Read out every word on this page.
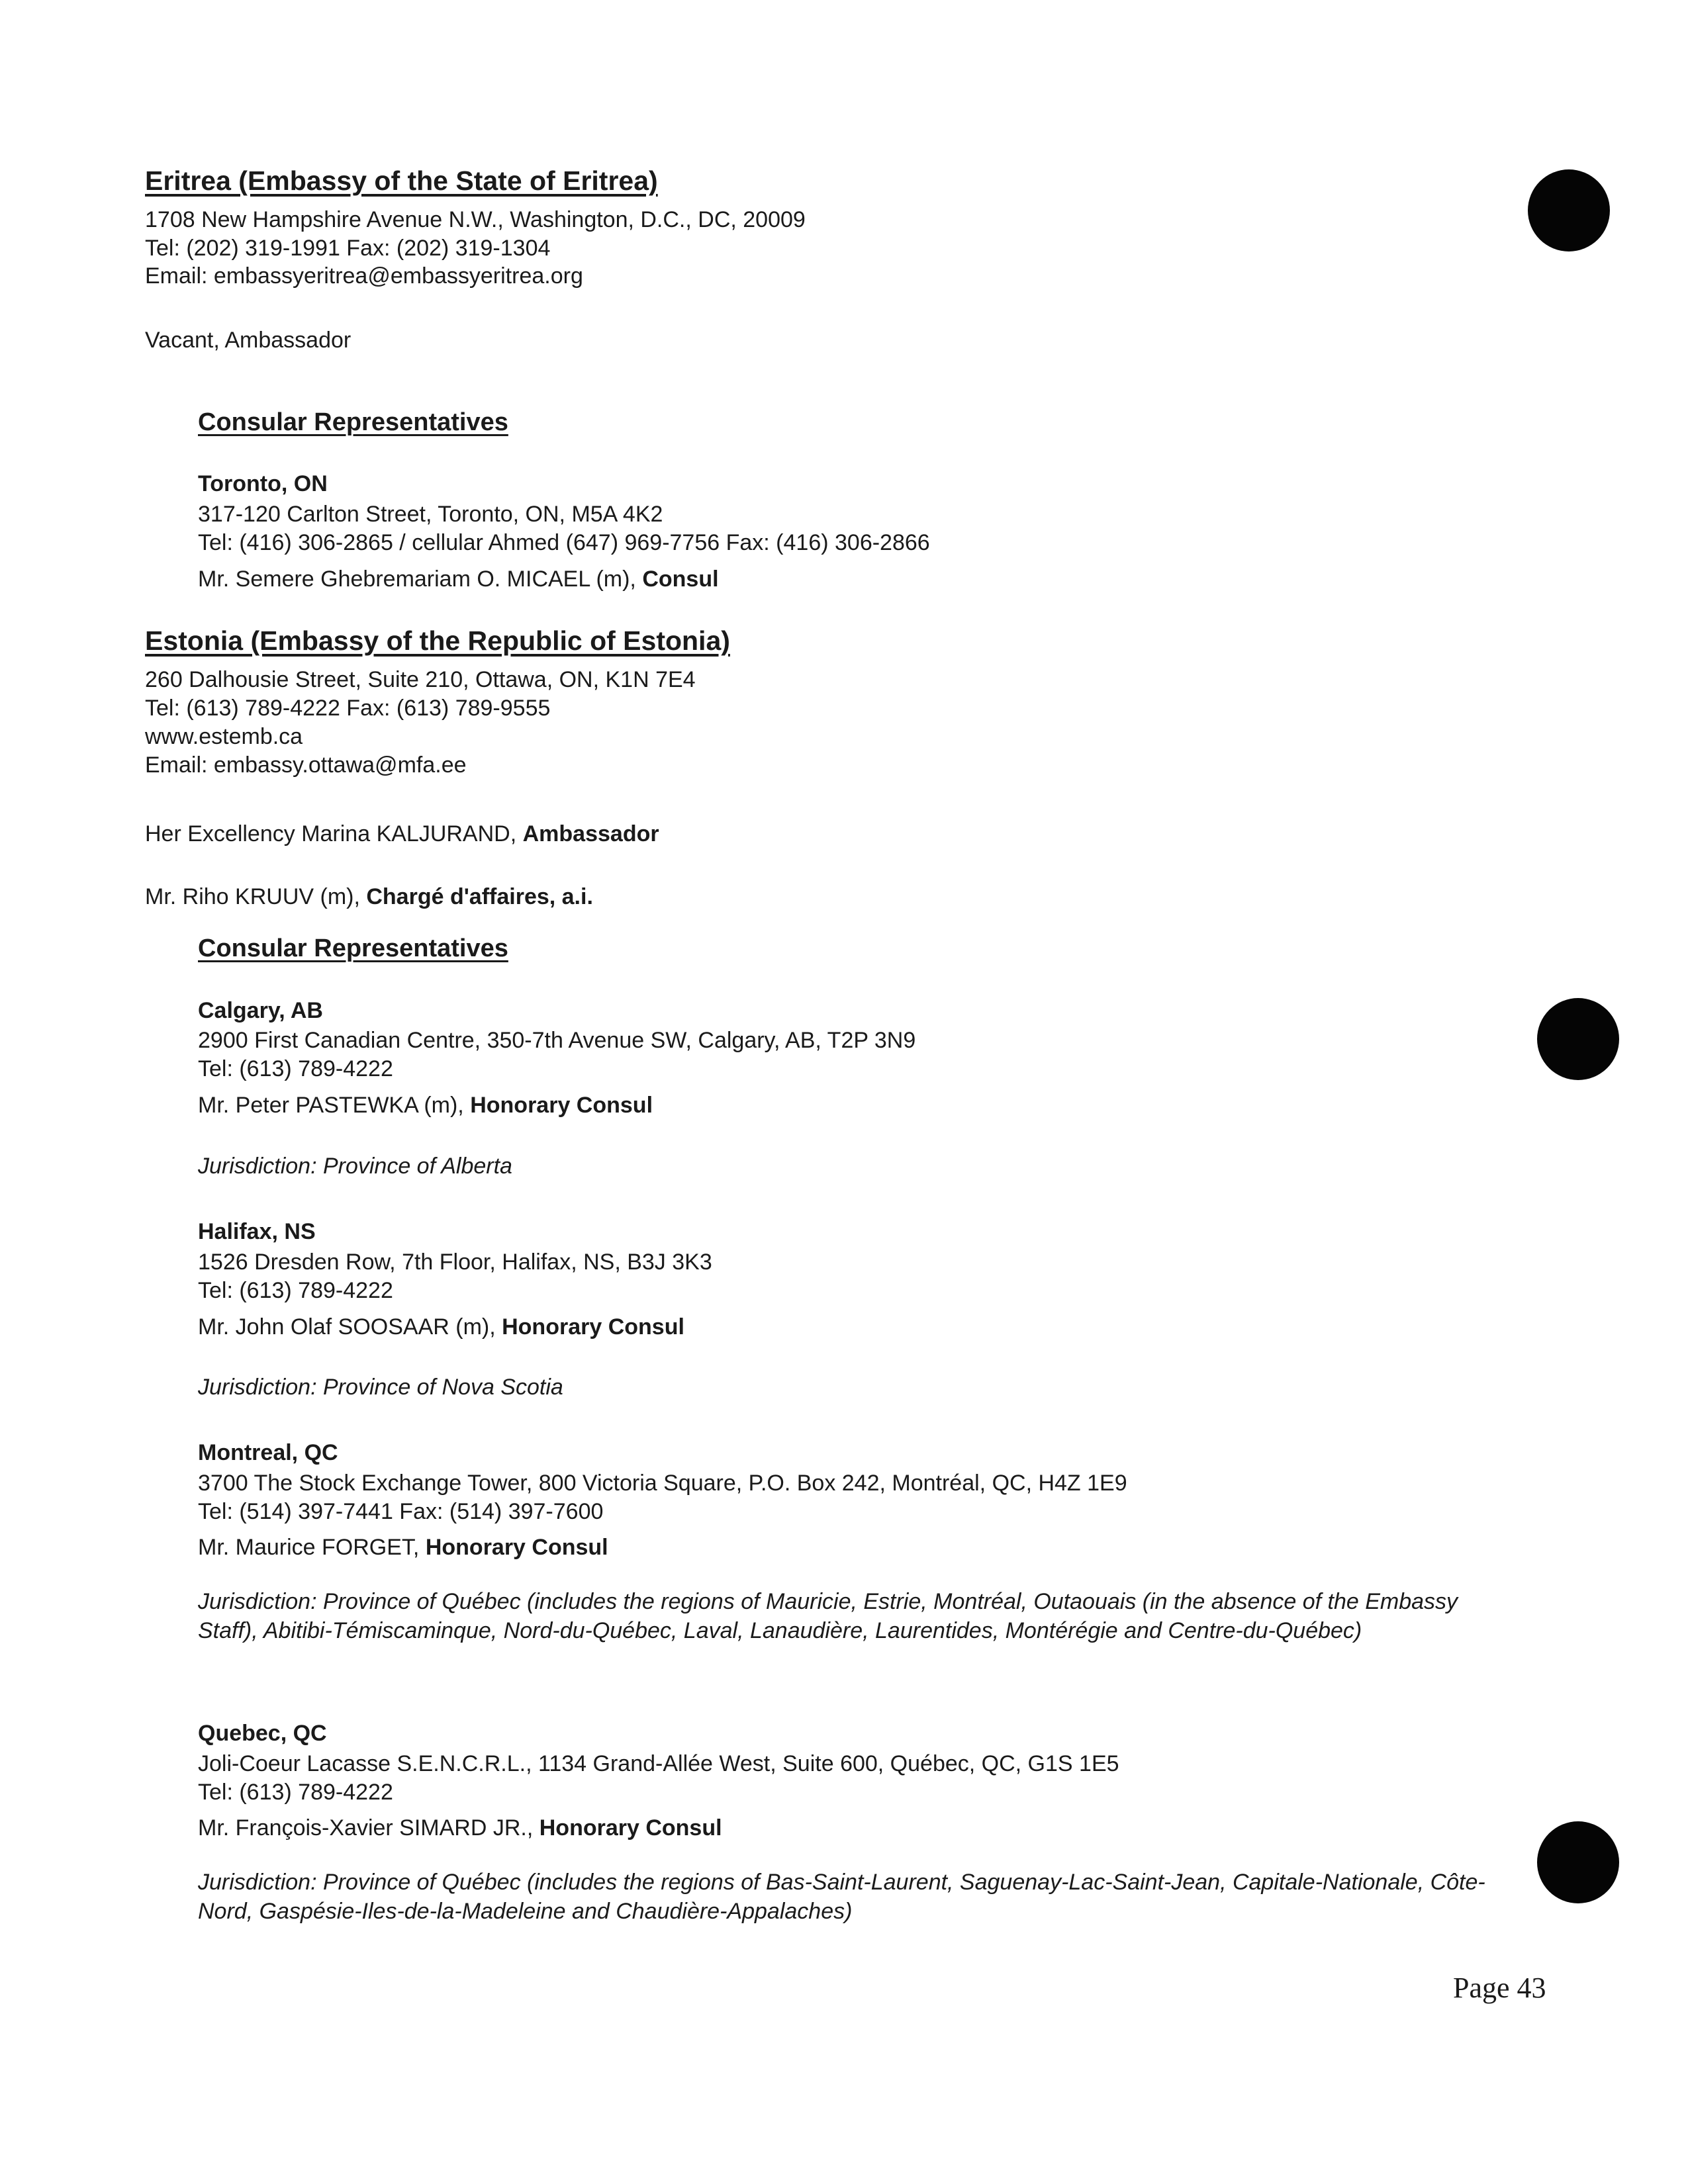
Eritrea (Embassy of the State of Eritrea)
1708 New Hampshire Avenue N.W., Washington, D.C., DC, 20009
Tel: (202) 319-1991 Fax: (202) 319-1304
Email: embassyeritrea@embassyeritrea.org
Vacant, Ambassador
Consular Representatives
Toronto, ON
317-120 Carlton Street, Toronto, ON, M5A 4K2
Tel: (416) 306-2865 / cellular Ahmed (647) 969-7756 Fax: (416) 306-2866
Mr. Semere Ghebremariam O. MICAEL (m), Consul
Estonia (Embassy of the Republic of Estonia)
260 Dalhousie Street, Suite 210, Ottawa, ON, K1N 7E4
Tel: (613) 789-4222 Fax: (613) 789-9555
www.estemb.ca
Email: embassy.ottawa@mfa.ee
Her Excellency Marina KALJURAND, Ambassador
Mr. Riho KRUUV (m), Chargé d'affaires, a.i.
Consular Representatives
Calgary, AB
2900 First Canadian Centre, 350-7th Avenue SW, Calgary, AB, T2P 3N9
Tel: (613) 789-4222
Mr. Peter PASTEWKA (m), Honorary Consul
Jurisdiction: Province of Alberta
Halifax, NS
1526 Dresden Row, 7th Floor, Halifax, NS, B3J 3K3
Tel: (613) 789-4222
Mr. John Olaf SOOSAAR (m), Honorary Consul
Jurisdiction: Province of Nova Scotia
Montreal, QC
3700 The Stock Exchange Tower, 800 Victoria Square, P.O. Box 242, Montréal, QC, H4Z 1E9
Tel: (514) 397-7441 Fax: (514) 397-7600
Mr. Maurice FORGET, Honorary Consul
Jurisdiction: Province of Québec (includes the regions of Mauricie, Estrie, Montréal, Outaouais (in the absence of the Embassy Staff), Abitibi-Témiscaminque, Nord-du-Québec, Laval, Lanaudière, Laurentides, Montérégie and Centre-du-Québec)
Quebec, QC
Joli-Coeur Lacasse S.E.N.C.R.L., 1134 Grand-Allée West, Suite 600, Québec, QC, G1S 1E5
Tel: (613) 789-4222
Mr. François-Xavier SIMARD JR., Honorary Consul
Jurisdiction: Province of Québec (includes the regions of Bas-Saint-Laurent, Saguenay-Lac-Saint-Jean, Capitale-Nationale, Côte-Nord, Gaspésie-Iles-de-la-Madeleine and Chaudière-Appalaches)
Page 43
